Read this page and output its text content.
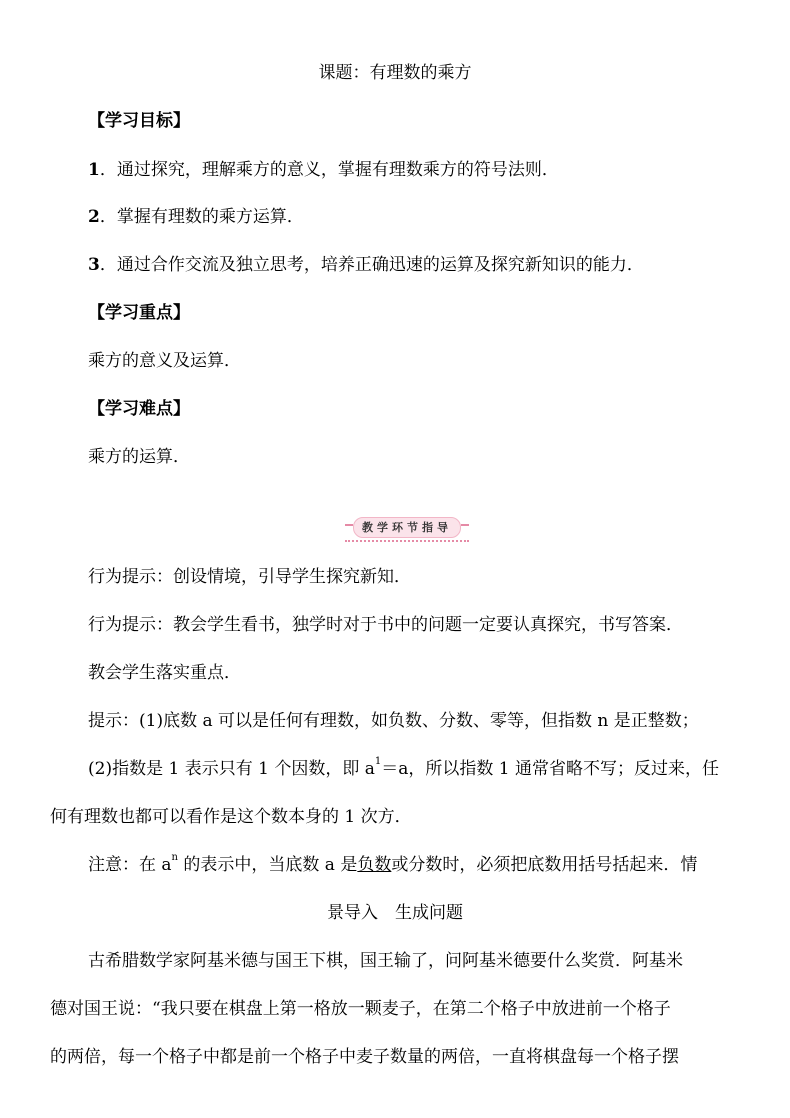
课题：有理数的乘方
【学习目标】
1．通过探究，理解乘方的意义，掌握有理数乘方的符号法则．
2．掌握有理数的乘方运算．
3．通过合作交流及独立思考，培养正确迅速的运算及探究新知识的能力．
【学习重点】
乘方的意义及运算．
【学习难点】
乘方的运算．
教学环节指导
行为提示：创设情境，引导学生探究新知．
行为提示：教会学生看书，独学时对于书中的问题一定要认真探究，书写答案．
教会学生落实重点．
提示：(1)底数 a 可以是任何有理数，如负数、分数、零等，但指数 n 是正整数；
(2)指数是 1 表示只有 1 个因数，即 $a^1=a$，所以指数 1 通常省略不写；反过来，任
何有理数也都可以看作是这个数本身的 1 次方．
注意：在 $a^n$ 的表示中，当底数 a 是负数或分数时，必须把底数用括号括起来．情
景导入　生成问题
古希腊数学家阿基米德与国王下棋，国王输了，问阿基米德要什么奖赏．阿基米
德对国王说：“我只要在棋盘上第一格放一颗麦子，在第二个格子中放进前一个格子
的两倍，每一个格子中都是前一个格子中麦子数量的两倍，一直将棋盘每一个格子摆
